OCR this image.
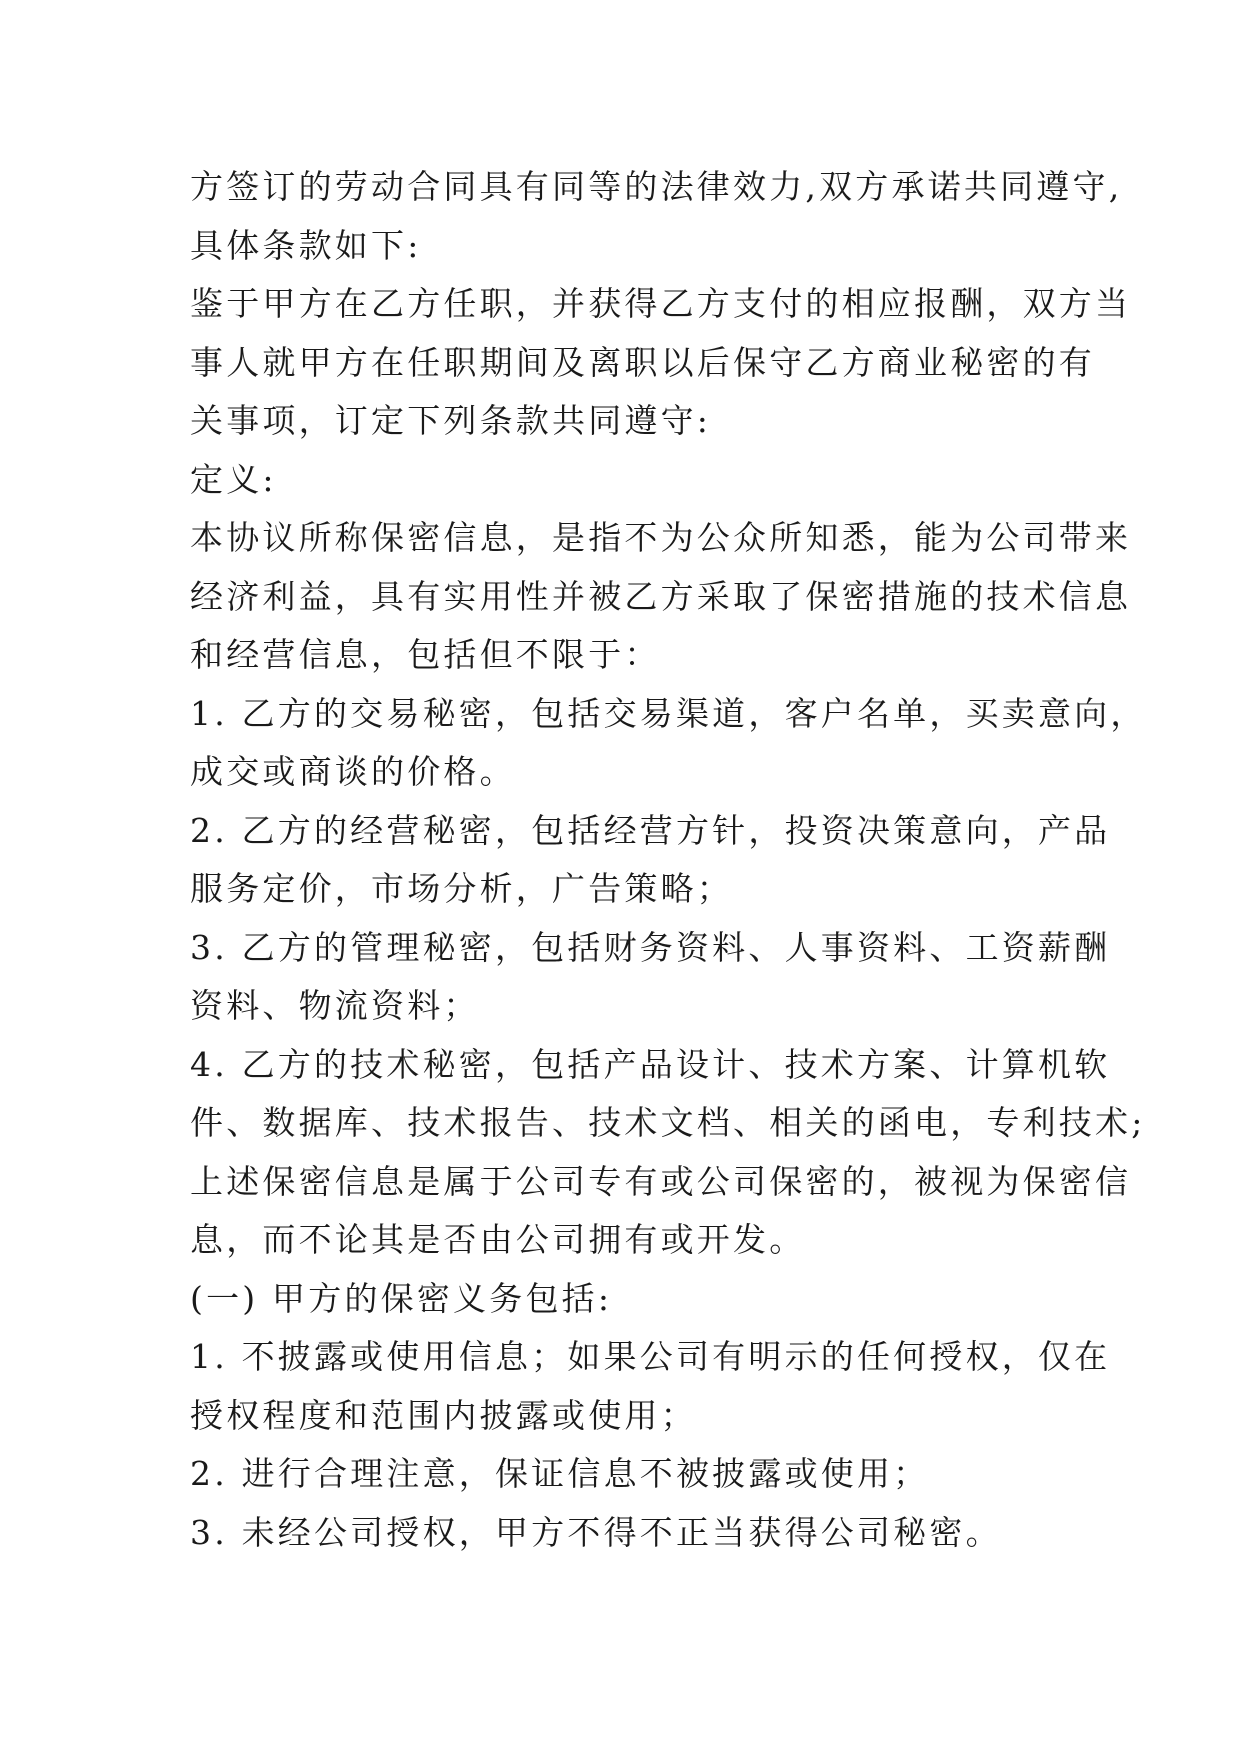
方签订的劳动合同具有同等的法律效力,双方承诺共同遵守,
具体条款如下:
鉴于甲方在乙方任职，并获得乙方支付的相应报酬，双方当
事人就甲方在任职期间及离职以后保守乙方商业秘密的有
关事项，订定下列条款共同遵守:
定义:
本协议所称保密信息，是指不为公众所知悉，能为公司带来
经济利益，具有实用性并被乙方采取了保密措施的技术信息
和经营信息，包括但不限于：
1. 乙方的交易秘密，包括交易渠道，客户名单，买卖意向，
成交或商谈的价格。
2. 乙方的经营秘密，包括经营方针，投资决策意向，产品
服务定价，市场分析，广告策略；
3. 乙方的管理秘密，包括财务资料、人事资料、工资薪酬
资料、物流资料；
4. 乙方的技术秘密，包括产品设计、技术方案、计算机软
件、数据库、技术报告、技术文档、相关的函电，专利技术;
上述保密信息是属于公司专有或公司保密的，被视为保密信
息，而不论其是否由公司拥有或开发。
(一) 甲方的保密义务包括:
1. 不披露或使用信息；如果公司有明示的任何授权，仅在
授权程度和范围内披露或使用；
2. 进行合理注意，保证信息不被披露或使用；
3. 未经公司授权，甲方不得不正当获得公司秘密。
